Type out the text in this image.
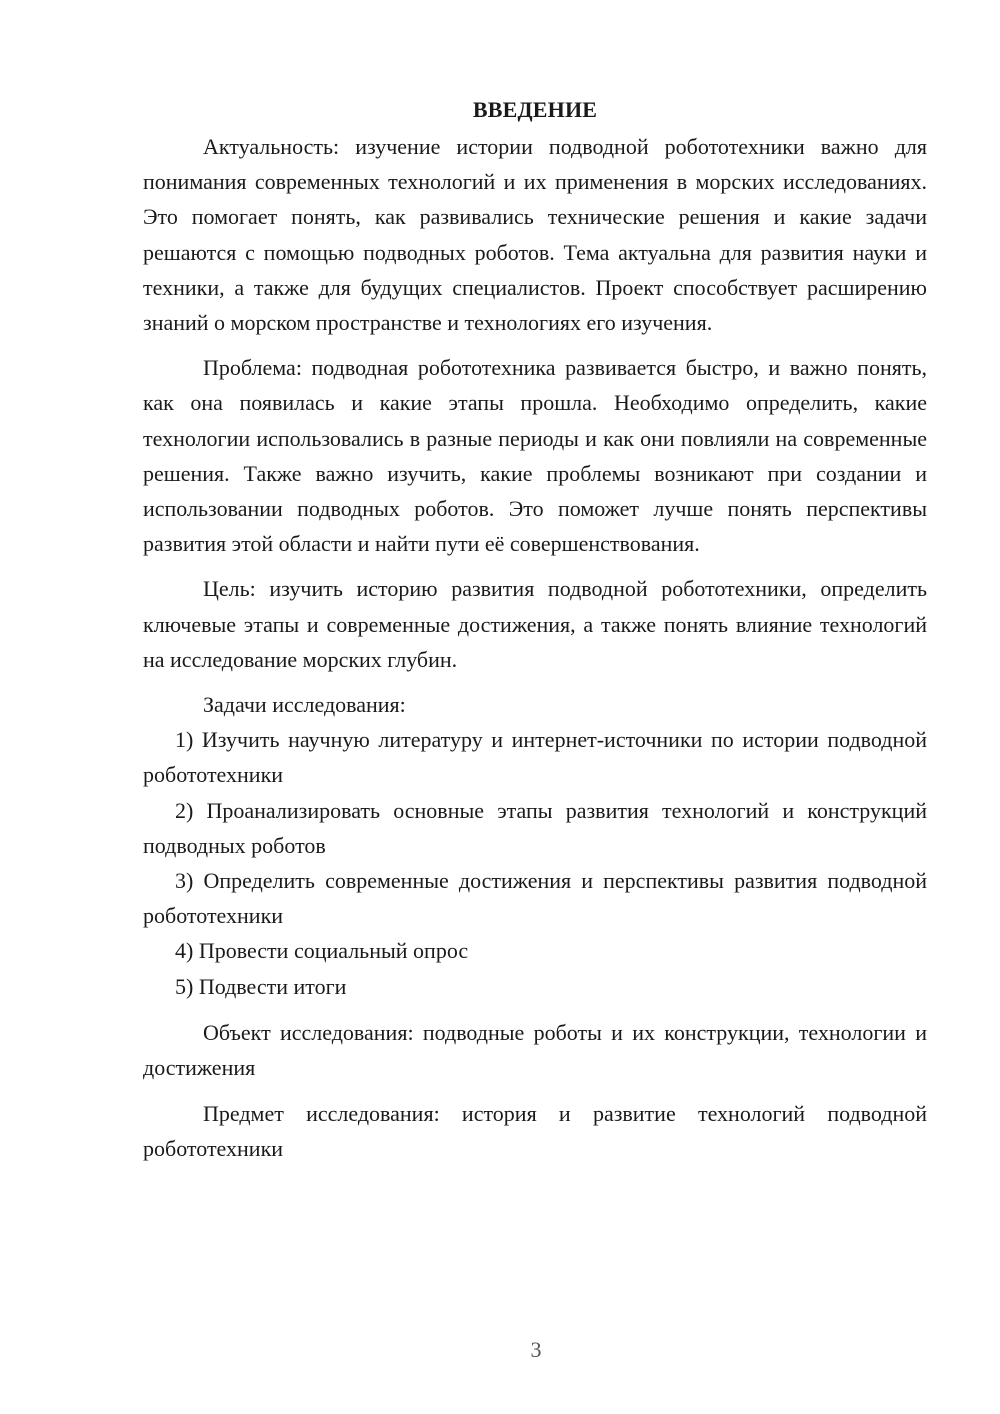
ВВЕДЕНИЕ

Актуальность: изучение истории подводной робототехники важно для понимания современных технологий и их применения в морских исследованиях. Это помогает понять, как развивались технические решения и какие задачи решаются с помощью подводных роботов. Тема актуальна для развития науки и техники, а также для будущих специалистов. Проект способствует расширению знаний о морском пространстве и технологиях его изучения.

Проблема: подводная робототехника развивается быстро, и важно понять, как она появилась и какие этапы прошла. Необходимо определить, какие технологии использовались в разные периоды и как они повлияли на современные решения. Также важно изучить, какие проблемы возникают при создании и использовании подводных роботов. Это поможет лучше понять перспективы развития этой области и найти пути её совершенствования.

Цель: изучить историю развития подводной робототехники, определить ключевые этапы и современные достижения, а также понять влияние технологий на исследование морских глубин.

Задачи исследования:

1) Изучить научную литературу и интернет-источники по истории подводной робототехники

2) Проанализировать основные этапы развития технологий и конструкций подводных роботов

3) Определить современные достижения и перспективы развития подводной робототехники

4) Провести социальный опрос

5) Подвести итоги

Объект исследования: подводные роботы и их конструкции, технологии и достижения

Предмет исследования: история и развитие технологий подводной робототехники

3
